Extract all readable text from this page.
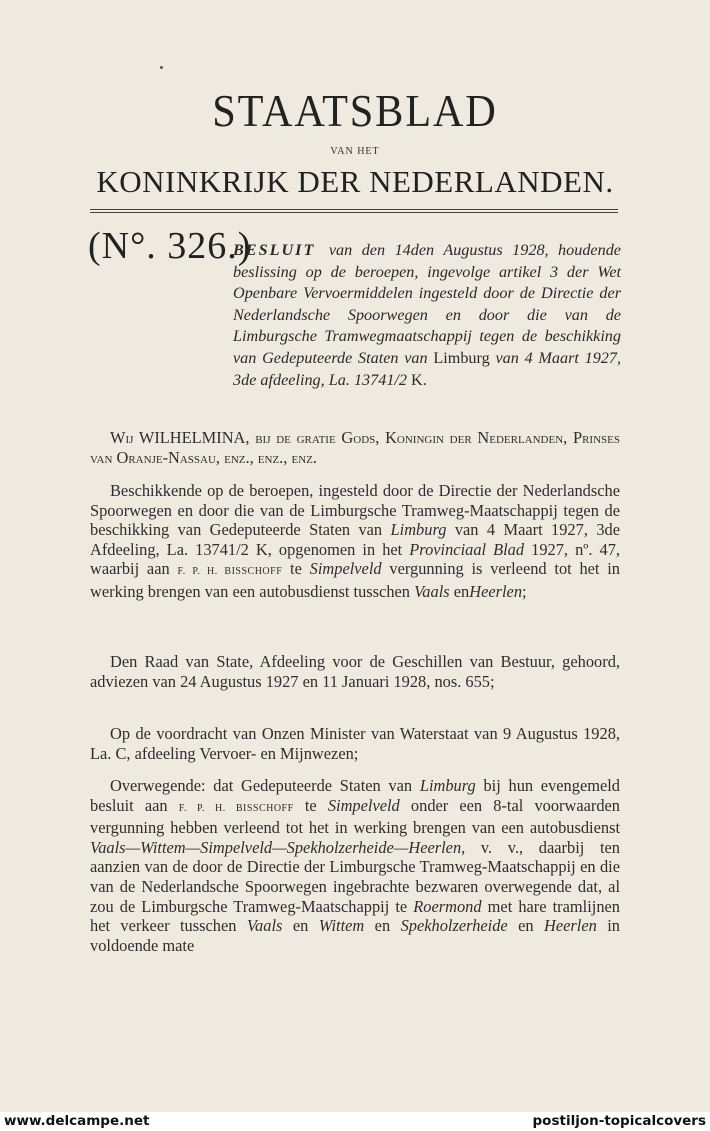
STAATSBLAD
VAN HET
KONINKRIJK DER NEDERLANDEN.
(N°. 326.)
BESLUIT van den 14den Augustus 1928, houdende beslissing op de beroepen, ingevolge artikel 3 der Wet Openbare Vervoermiddelen ingesteld door de Directie der Nederlandsche Spoorwegen en door die van de Limburgsche Tramwegmaatschappij tegen de beschikking van Gedeputeerde Staten van Limburg van 4 Maart 1927, 3de afdeeling, La. 13741/2 K.

Wij WILHELMINA, bij de gratie Gods, Koningin der Nederlanden, Prinses van Oranje-Nassau, enz., enz., enz.

Beschikkende op de beroepen, ingesteld door de Directie der Nederlandsche Spoorwegen en door die van de Limburgsche Tramweg-Maatschappij tegen de beschikking van Gedeputeerde Staten van Limburg van 4 Maart 1927, 3de Afdeeling, La. 13741/2 K, opgenomen in het Provinciaal Blad 1927, nº. 47, waarbij aan F. P. H. BISSCHOFF te Simpelveld vergunning is verleend tot het in werking brengen van een autobusdienst tusschen Vaals enHeerlen;

Den Raad van State, Afdeeling voor de Geschillen van Bestuur, gehoord, adviezen van 24 Augustus 1927 en 11 Januari 1928, nos. 655;

Op de voordracht van Onzen Minister van Waterstaat van 9 Augustus 1928, La. C, afdeeling Vervoer- en Mijnwezen;

Overwegende: dat Gedeputeerde Staten van Limburg bij hun evengemeld besluit aan F. P. H. BISSCHOFF te Simpelveld onder een 8-tal voorwaarden vergunning hebben verleend tot het in werking brengen van een autobusdienst Vaals—Wittem—Simpelveld—Spekholzerheide—Heerlen, v. v., daarbij ten aanzien van de door de Directie der Limburgsche Tramweg-Maatschappij en die van de Nederlandsche Spoorwegen ingebrachte bezwaren overwegende dat, al zou de Limburgsche Tramweg-Maatschappij te Roermond met hare tramlijnen het verkeer tusschen Vaals en Wittem en Spekholzerheide en Heerlen in voldoende mate

www.delcampe.net	postiljon-topicalcovers
